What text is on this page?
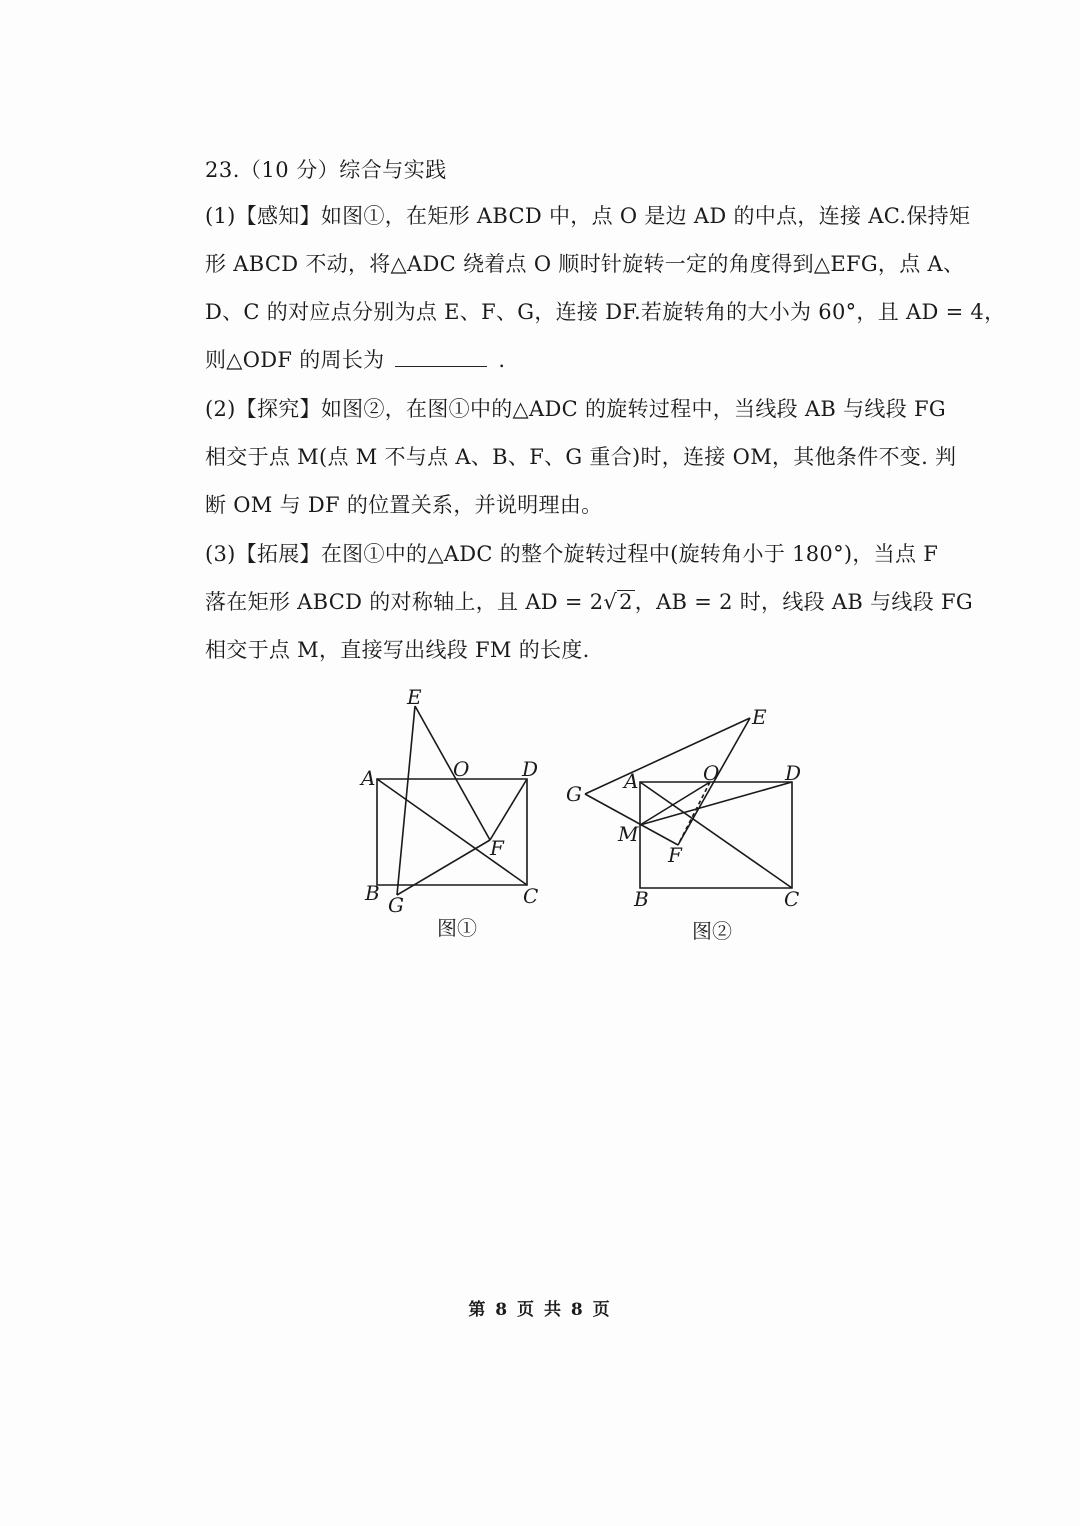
23.（10 分）综合与实践
(1)【感知】如图①，在矩形 ABCD 中，点 O 是边 AD 的中点，连接 AC.保持矩
形 ABCD 不动，将△ADC 绕着点 O 顺时针旋转一定的角度得到△EFG，点 A、
D、C 的对应点分别为点 E、F、G，连接 DF.若旋转角的大小为 60°，且 AD = 4，
则△ODF 的周长为	.
(2)【探究】如图②，在图①中的△ADC 的旋转过程中，当线段 AB 与线段 FG
相交于点 M(点 M 不与点 A、B、F、G 重合)时，连接 OM，其他条件不变. 判
断 OM 与 DF 的位置关系，并说明理由。
(3)【拓展】在图①中的△ADC 的整个旋转过程中(旋转角小于 180°)，当点 F
落在矩形 ABCD 的对称轴上，且 AD = 2√2，AB = 2 时，线段 AB 与线段 FG
相交于点 M，直接写出线段 FM 的长度.
E
A	O	D
F
B G	C
图①
E
G
A	O	D
M
F
B	C
图②
第 8 页 共 8 页
